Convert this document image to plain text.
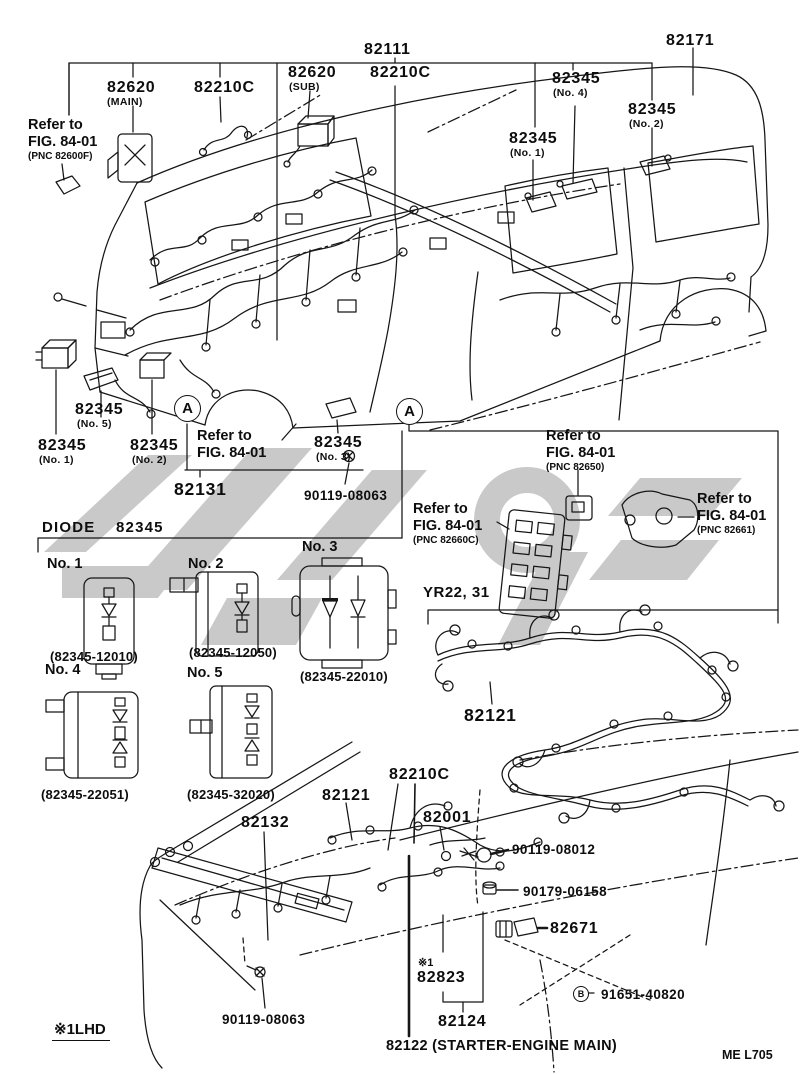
82111
82171
82620
(MAIN)
82210C
82620
(SUB)
82210C	82345
(No. 4)
82345
(No. 2)
82345
(No. 1)
Refer to
FIG. 84-01
(PNC 82600F)
82345
(No. 5)
82345
(No. 1)
82345
(No. 2)
A	A
Refer to
FIG. 84-01
82345
(No. 3)
82131	90119-08063
Refer to
FIG. 84-01
(PNC 82650)
Refer to
FIG. 84-01
(PNC 82660C)
Refer to
FIG. 84-01
(PNC 82661)
DIODE 82345
No. 1	No. 2
No. 3
(82345-12010)	(82345-12050)
(82345-22010)
No. 4	No. 5
(82345-22051)	(82345-32020)
YR22, 31
82121
82210C
82121
82132	82001
90119-08012
90179-06158
82671
※1
82823
B	91651-40820
82124
90119-08063
82122 (STARTER-ENGINE MAIN)
※1LHD
ME L705
